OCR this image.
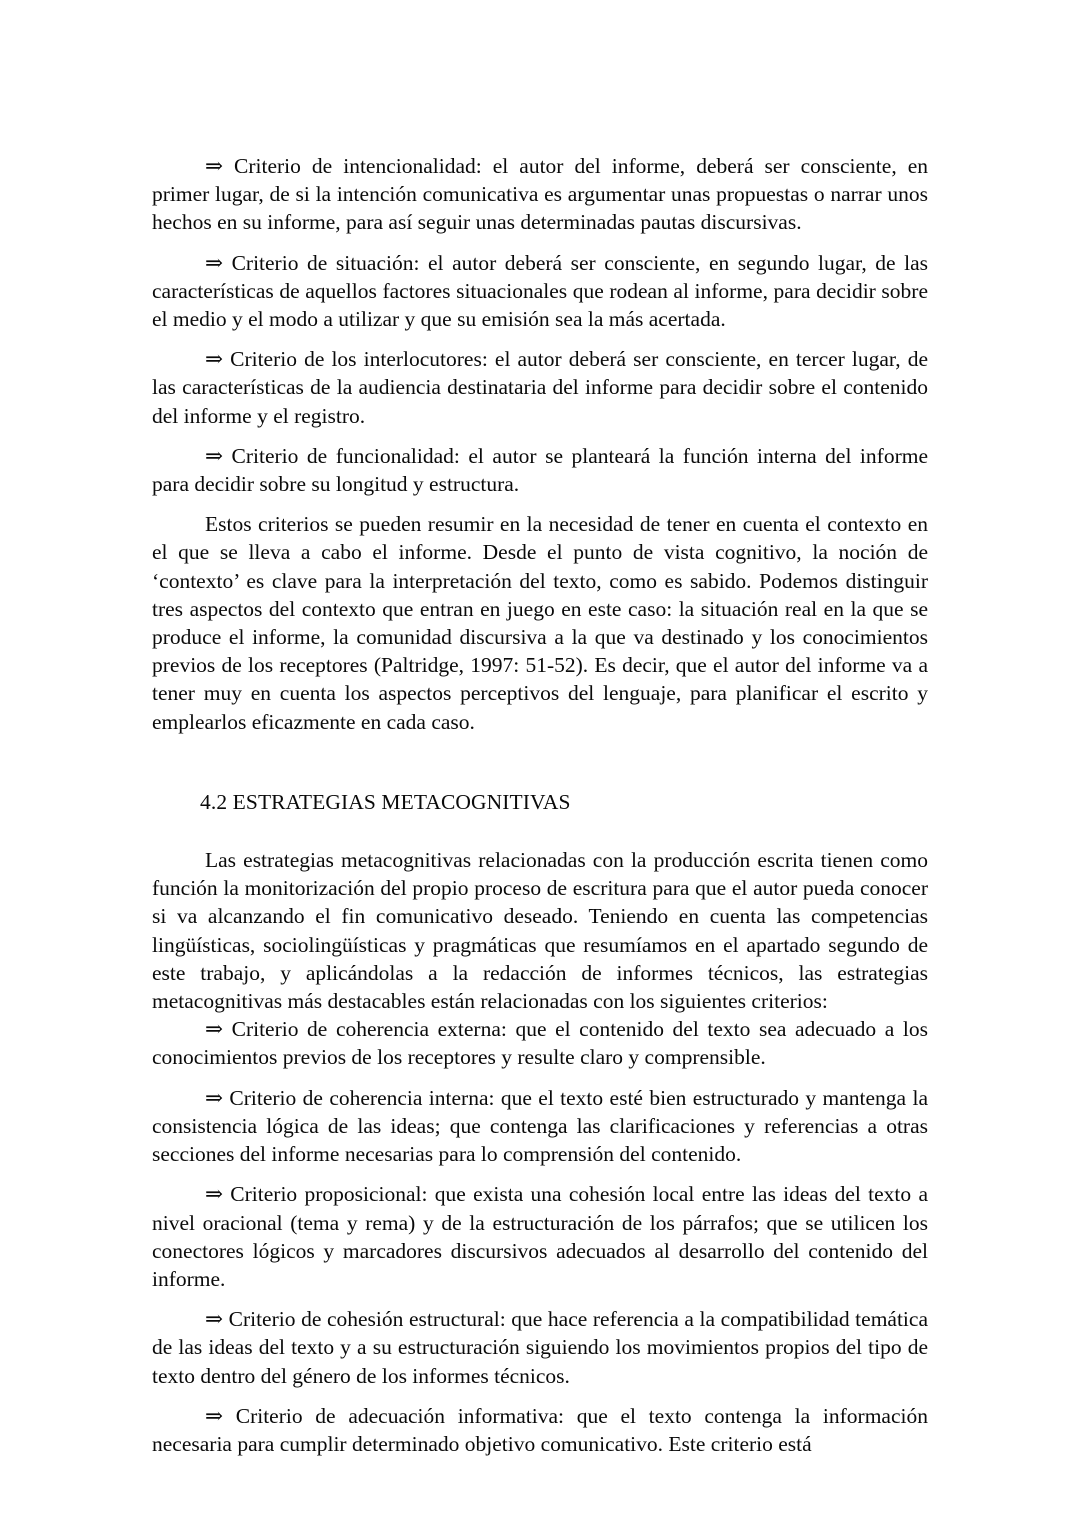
⇒ Criterio de intencionalidad: el autor del informe, deberá ser consciente, en primer lugar, de si la intención comunicativa es argumentar unas propuestas o narrar unos hechos en su informe, para así seguir unas determinadas pautas discursivas.

⇒ Criterio de situación: el autor deberá ser consciente, en segundo lugar, de las características de aquellos factores situacionales que rodean al informe, para decidir sobre el medio y el modo a utilizar y que su emisión sea la más acertada.

⇒ Criterio de los interlocutores: el autor deberá ser consciente, en tercer lugar, de las características de la audiencia destinataria del informe para decidir sobre el contenido del informe y el registro.

⇒ Criterio de funcionalidad: el autor se planteará la función interna del informe para decidir sobre su longitud y estructura.

Estos criterios se pueden resumir en la necesidad de tener en cuenta el contexto en el que se lleva a cabo el informe. Desde el punto de vista cognitivo, la noción de ‘contexto’ es clave para la interpretación del texto, como es sabido. Podemos distinguir tres aspectos del contexto que entran en juego en este caso: la situación real en la que se produce el informe, la comunidad discursiva a la que va destinado y los conocimientos previos de los receptores (Paltridge, 1997: 51-52). Es decir, que el autor del informe va a tener muy en cuenta los aspectos perceptivos del lenguaje, para planificar el escrito y emplearlos eficazmente en cada caso.

4.2 ESTRATEGIAS METACOGNITIVAS

Las estrategias metacognitivas relacionadas con la producción escrita tienen como función la monitorización del propio proceso de escritura para que el autor pueda conocer si va alcanzando el fin comunicativo deseado. Teniendo en cuenta las competencias lingüísticas, sociolingüísticas y pragmáticas que resumíamos en el apartado segundo de este trabajo, y aplicándolas a la redacción de informes técnicos, las estrategias metacognitivas más destacables están relacionadas con los siguientes criterios:

⇒ Criterio de coherencia externa: que el contenido del texto sea adecuado a los conocimientos previos de los receptores y resulte claro y comprensible.

⇒ Criterio de coherencia interna: que el texto esté bien estructurado y mantenga la consistencia lógica de las ideas; que contenga las clarificaciones y referencias a otras secciones del informe necesarias para lo comprensión del contenido.

⇒ Criterio proposicional: que exista una cohesión local entre las ideas del texto a nivel oracional (tema y rema) y de la estructuración de los párrafos; que se utilicen los conectores lógicos y marcadores discursivos adecuados al desarrollo del contenido del informe.

⇒ Criterio de cohesión estructural: que hace referencia a la compatibilidad temática de las ideas del texto y a su estructuración siguiendo los movimientos propios del tipo de texto dentro del género de los informes técnicos.

⇒ Criterio de adecuación informativa: que el texto contenga la información necesaria para cumplir determinado objetivo comunicativo. Este criterio está
